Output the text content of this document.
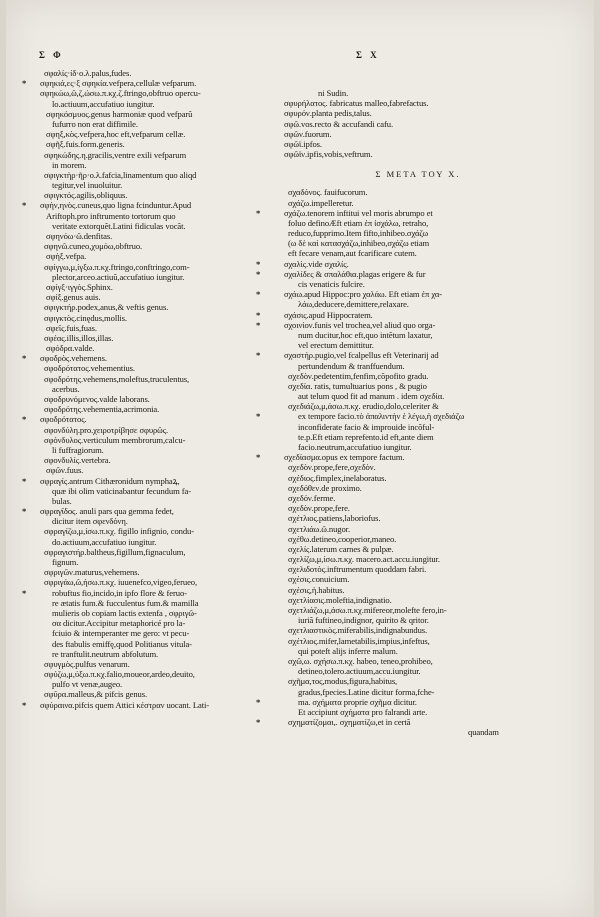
Σ Φ	Σ Χ
σφαλίς·ίδ·ο.λ.palus,fudes.
* σφηκιά,ες·ξ σφηκία.vefpera,cellulæ vefparum.
σφηκώω,ῶ,ζ,ώσω.π.κχ.ζ.ftringo,obftruo opercu-
lo.actiuum,accufatiuo iungitur.
σφηκόσμυος.genus harmoniæ quod vefparũ
fufurro non erat diffimile.
σφηξ,κὸς.vefpera,hoc eft,vefparum cellæ.
σφῆξ.fuis.form.generis.
σφηκώδης.η.gracilis,ventre exili vefparum
in morem.
σφιγκτὴρ·ῆρ·ο.λ.fafcia,linamentum quo aliqd
tegitur,vel inuoluitur.
σφιγκτός.agilis,obliquus.
* σφὴν,ηνὸς.cuneus,quo ligna fcinduntur.Apud
Ariftoph.pro inftrumento tortorum quo
veritate extorquẽt.Latini fidiculas vocãt.
σφηνόω·ῶ.denfitas.
σφηνῶ.cuneo,χυμόω,obftruo.
σφὴξ.vefpa.
σφίγγω,μ,ίγξω.π.κχ.ftringo,conftringo,com-
plector,arceo.actiuũ,accufatiuo iungitur.
σφίγξ·ιγγὸς.Sphinx.
σφίξ.genus auis.
σφιγκτήρ.podex,anus,& veftis genus.
σφιγκτὸς.cinędus,mollis.
σφεῖς.fuis,fuas.
σφέας.illis,illos,illas.
σφόδρα.valde.
* σφοδρὸς.vehemens.
σφοδρότατος.vehementius.
σφοδρότης.vehemens,moleftus,truculentus,
acerbus.
σφοδρυνόμενος.valde laborans.
σφοδρότης.vehementia,acrimonia.
* σφοδρότατος.
σφονδύλη.pro.χειροτρίβησε σφυρῶς.
σφόνδυλος.verticulum membrorum,calcu-
li fuffragiorum.
σφονδυλίς.vertebra.
σφῶν.fuus.
* σφραγίς.antrum Cithæronidum nymphaꝝ,
quæ ibi olim vaticinabantur fecundum fa-
bulas.
* σφραγῖδος. anuli pars qua gemma fedet,
dicitur item σφενδόνη.
σφραγίζω,μ,ίσω.π.κχ. figillo infignio, condu-
do.actiuum,accufatiuo iungitur.
σφραγιστήρ.baltheus,figillum,fignaculum,
fignum.
σφριγῶν.maturus,vehemens.
σφριγάω,ῶ,ήσω.π.κχ. iuuenefco,vigeo,ferueo,
*	robuftus fio,incido,in ipfo flore & feruo-
re ætatis fum.& fucculentus fum.& mamilla
mulieris ob copiam lactis extenfa , σφριγῶ-
σα dicitur.Accipitur metaphoricé pro la-
fciuio & intemperanter me gero: vt pecu-
des ftabulis emiffę,quod Politianus vitula-
re tranftulit.neutrum abfolutum.
σφυγμὸς.pulfus venarum.
σφύζω,μ,ύξω.π.κχ.falio,moueor,ardeo,deuito,
pulfo vt venæ,augeo.
σφῦρα.malleus,& pifcis genus.
* σφύραινα.pifcis quem Attici κέστραν uocant. Lati-
ni Sudin.
σφυρήλατος. fabricatus malleo,fabrefactus.
σφυρόν.planta pedis,talus.
σφῶ.vos.recto & accufandi cafu.
σφῶν.fuorum.
σφῶϊ.ipfos.
σφῶϊν.ipfis,vobis,veftrum.
Σ ΜΕΤΑ ΤΟΥ Χ.
σχαδόνος. fauifucorum.
σχάζω.impelleretur.
*	σχάζω.tenorem inftitui vel moris abrumpo et
foluo definoÆft etiam ἐπ ἰσχάλω, retraho,
reduco,fupprimo.Item fifto,inhibeo.σχάζω
(ω δὲ καὶ κατασχάζω,inhibeo,σχάζω etiam
eft fecare venam,aut fcarificare cutem.
*	σχαλὶς.vide σχαλίς.
*	σχαλίδες & σπαλάθια.plagas erigere & fur
cis venaticis fulcire.
*	σχάω.apud Hippoc:pro χαλάω. Eft etiam ἐπ χα-
λάω,deducere,demittere,relaxare.
*	σχάσις.apud Hippocratem.
*	σχοινίον.funis vel trochea,vel aliud quo orga-
num ducitur,hoc eft,quo intẽtum laxatur,
vel erectum demittitur.
*	σχαστήρ.pugio,vel fcalpellus eft Veterinarij ad
pertundendum & tranffuendum.
σχεδὸν.pedetentim,fenfim,cõpofito gradu.
σχεδία. ratis, tumultuarius pons , & pugio
aut telum quod fit ad manum . idem σχεδία.
σχεδιάζω,μ,άσω.π.κχ. erudio,dolo,celeriter &
*	ex tempore facio.τὸ ἀπαλιντὴν ἑ λέγω,ἡ σχεδιάζω
inconfiderate facio & improuide incõful-
te.p.Eft etiam reprefento.id eft,ante diem
facio.neutrum,accufatiuo iungitur.
*	σχεδίασμα.opus ex tempore factum.
σχεδὸν.prope,fere,σχεδὸν.
σχέδιος.fimplex,inelaboratus.
σχεδόθεν.de proximo.
σχεδόν.ferme.
σχεδὸν.prope,fere.
σχέτλιος.patiens,laboriofus.
σχετλιάω.ῶ.nugor.
σχέθω.detineo,cooperior,maneo.
σχελίς.laterum carnes & pulpæ.
σχελίζω,μ,ίσω.π.κχ. macero.act.accu.iungitur.
σχελιδοτὸς.inftrumentum quoddam fabri.
σχέσις.conuicium.
σχέσις,ἡ.habitus.
σχετλίασις.moleftia,indignatio.
σχετλιάζω,μ,άσω.π.κχ.mifereor,molefte fero,in-
iuriã fuftineo,indignor, quirito & qritor.
σχετλιαστικὸς.miferabilis,indignabundus.
σχέτλιος.mifer,lametabilis,impius,infeftus,
qui poteft alijs inferre malum.
σχῶ,ω. σχήσω.π.κχ. habeo, teneo,prohibeo,
detineo,tolero.actiuum,accu.iungitur.
σχῆμα,τος,modus,figura,habitus,
gradus,fpecies.Latine dicitur forma,fche-
*	ma. σχήματα proprie σχῆμα dicitur.
Et accipiunt σχήματα pro falrandi arte.
*	σχηματίζομαι,. σχηματίζω,et in certã
quandam
